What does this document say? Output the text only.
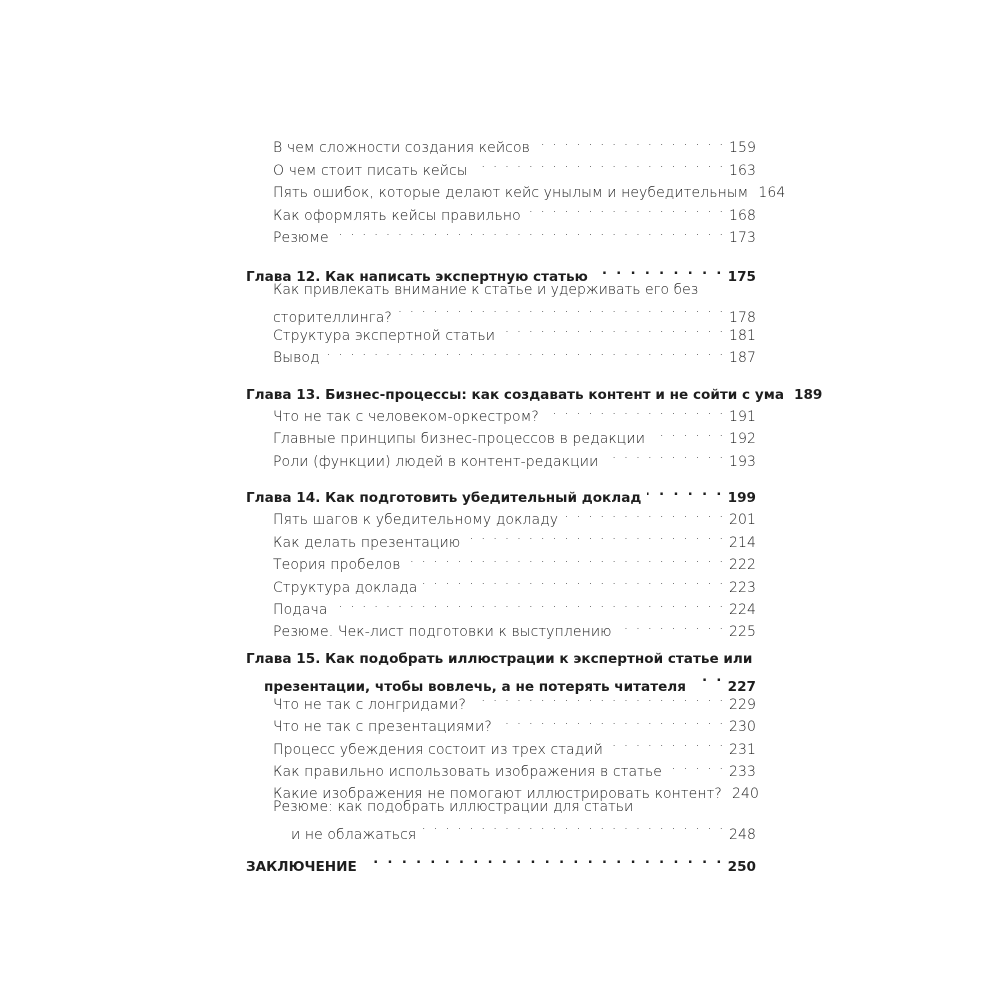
В чем сложности создания кейсов . . .	159
О чем стоит писать кейсы . . .	163
Пять ошибок, которые делают кейс унылым и неубедительным 164
Как оформлять кейсы правильно . . .	168
Резюме . . .	173
Глава 12. Как написать экспертную статью . . .	175
Как привлекать внимание к статье и удерживать его без
сторителлинга? . . .	178
Структура экспертной статьи . . .	181
Вывод . . .	187
Глава 13. Бизнес-процессы: как создавать контент и не сойти с ума 189
Что не так с человеком-оркестром? . . .	191
Главные принципы бизнес-процессов в редакции . . .	192
Роли (функции) людей в контент-редакции . . .	193
Глава 14. Как подготовить убедительный доклад . . .	199
Пять шагов к убедительному докладу . . .	201
Как делать презентацию . . .	214
Теория пробелов . . .	222
Структура доклада . . .	223
Подача . . .	224
Резюме. Чек-лист подготовки к выступлению . . .	225
Глава 15. Как подобрать иллюстрации к экспертной статье или
презентации, чтобы вовлечь, а не потерять читателя . . .	227
Что не так с лонгридами? . . .	229
Что не так с презентациями? . . .	230
Процесс убеждения состоит из трех стадий . . .	231
Как правильно использовать изображения в статье . . .	233
Какие изображения не помогают иллюстрировать контент? 240
Резюме: как подобрать иллюстрации для статьи
и не облажаться . . .	248
ЗАКЛЮЧЕНИЕ . . .	250
